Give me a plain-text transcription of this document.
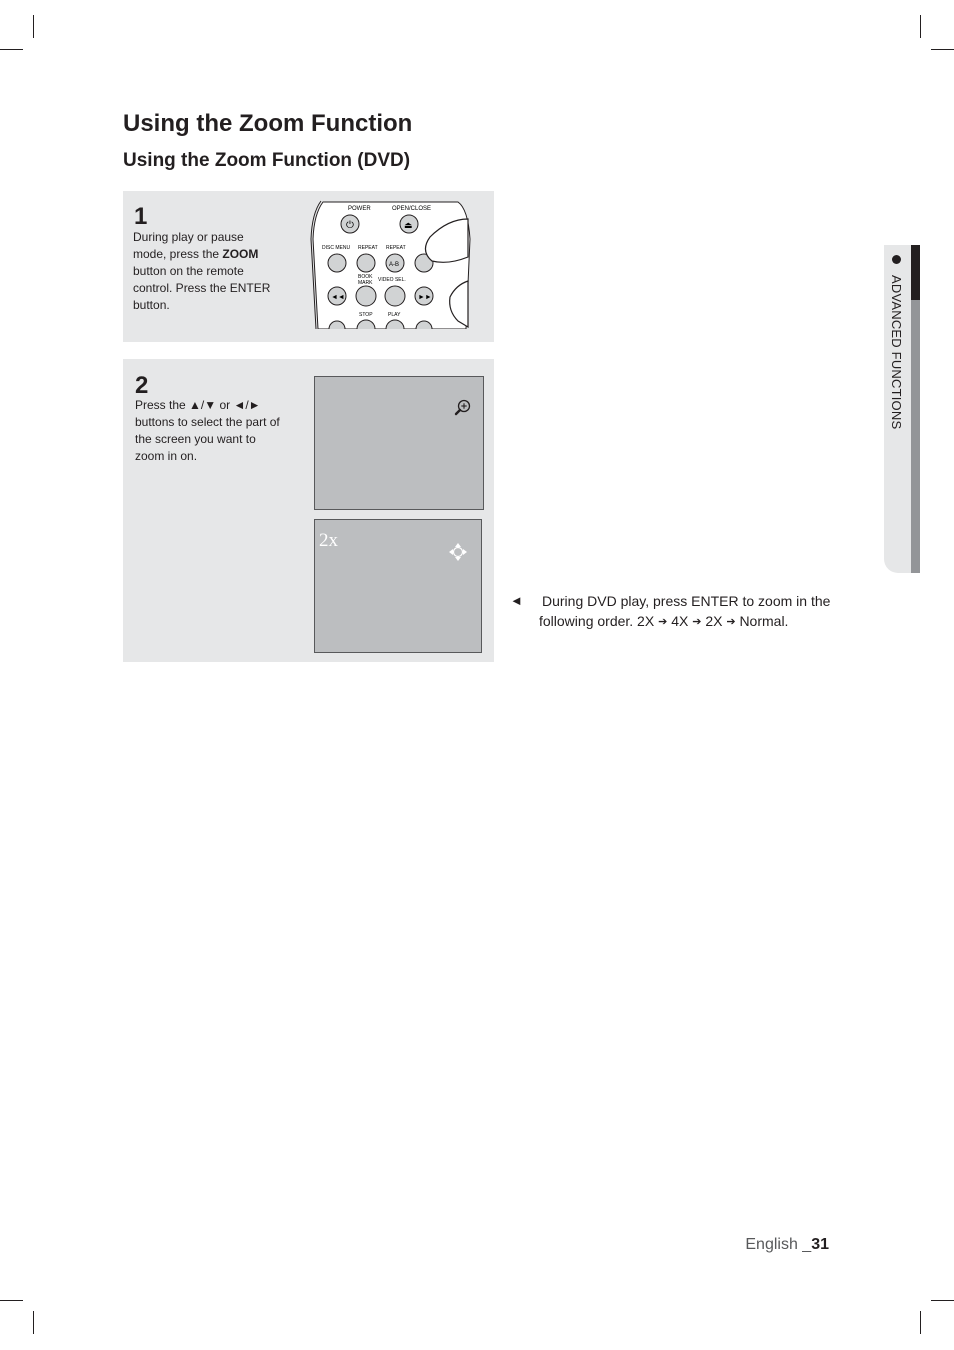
Using the Zoom Function
Using the Zoom Function (DVD)
1
During play or pause mode, press the ZOOM button on the remote control. Press the ENTER button.
POWER	OPEN/CLOSE
⏻	⏏
DISC MENU REPEAT REPEAT
A-B
BOOK
MARK VIDEO SEL.
◄◄	►►
STOP	PLAY
2
Press the ▲/▼ or ◄/► buttons to select the part of the screen you want to zoom in on.
2x
◄ During DVD play, press ENTER to zoom in the
following order. 2X ➔ 4X ➔ 2X ➔ Normal.
ADVANCED FUNCTIONS
English _31
